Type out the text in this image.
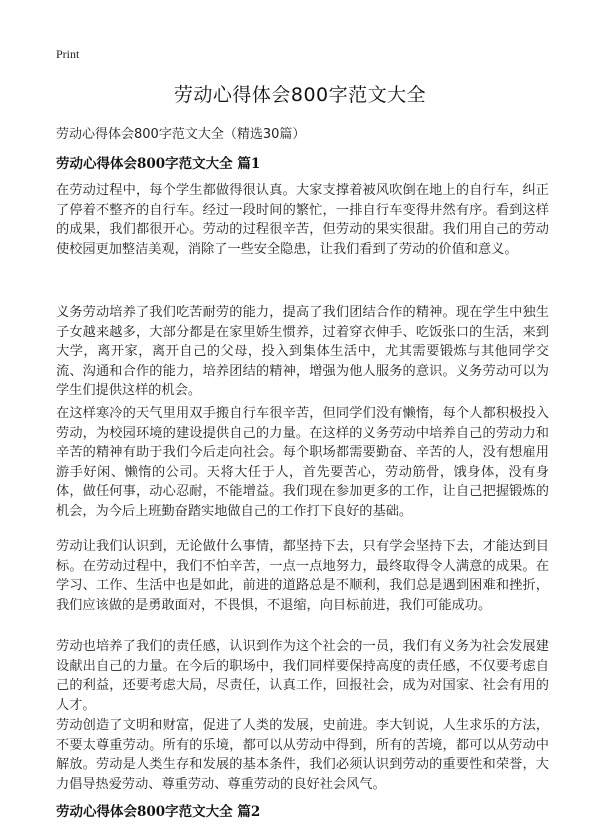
Print
劳动心得体会800字范文大全
劳动心得体会800字范文大全（精选30篇）
劳动心得体会800字范文大全 篇1

在劳动过程中，每个学生都做得很认真。大家支撑着被风吹倒在地上的自行车，纠正了停着不整齐的自行车。经过一段时间的繁忙，一排自行车变得井然有序。看到这样的成果，我们都很开心。劳动的过程很辛苦，但劳动的果实很甜。我们用自己的劳动使校园更加整洁美观，消除了一些安全隐患，让我们看到了劳动的价值和意义。

义务劳动培养了我们吃苦耐劳的能力，提高了我们团结合作的精神。现在学生中独生子女越来越多，大部分都是在家里娇生惯养，过着穿衣伸手、吃饭张口的生活，来到大学，离开家，离开自己的父母，投入到集体生活中，尤其需要锻炼与其他同学交流、沟通和合作的能力，培养团结的精神，增强为他人服务的意识。义务劳动可以为学生们提供这样的机会。

在这样寒冷的天气里用双手搬自行车很辛苦，但同学们没有懒惰，每个人都积极投入劳动，为校园环境的建设提供自己的力量。在这样的义务劳动中培养自己的劳动力和辛苦的精神有助于我们今后走向社会。每个职场都需要勤奋、辛苦的人，没有想雇用游手好闲、懒惰的公司。天将大任于人，首先要苦心，劳动筋骨，饿身体，没有身体，做任何事，动心忍耐，不能增益。我们现在参加更多的工作，让自己把握锻炼的机会，为今后上班勤奋踏实地做自己的工作打下良好的基础。

劳动让我们认识到，无论做什么事情，都坚持下去，只有学会坚持下去，才能达到目标。在劳动过程中，我们不怕辛苦，一点一点地努力，最终取得令人满意的成果。在学习、工作、生活中也是如此，前进的道路总是不顺利，我们总是遇到困难和挫折，我们应该做的是勇敢面对，不畏惧，不退缩，向目标前进，我们可能成功。

劳动也培养了我们的责任感，认识到作为这个社会的一员，我们有义务为社会发展建设献出自己的力量。在今后的职场中，我们同样要保持高度的责任感，不仅要考虑自己的利益，还要考虑大局，尽责任，认真工作，回报社会，成为对国家、社会有用的人才。

劳动创造了文明和财富，促进了人类的发展，史前进。李大钊说，人生求乐的方法，不要太尊重劳动。所有的乐境，都可以从劳动中得到，所有的苦境，都可以从劳动中解放。劳动是人类生存和发展的基本条件，我们必须认识到劳动的重要性和荣誉，大力倡导热爱劳动、尊重劳动、尊重劳动的良好社会风气。

劳动心得体会800字范文大全 篇2
